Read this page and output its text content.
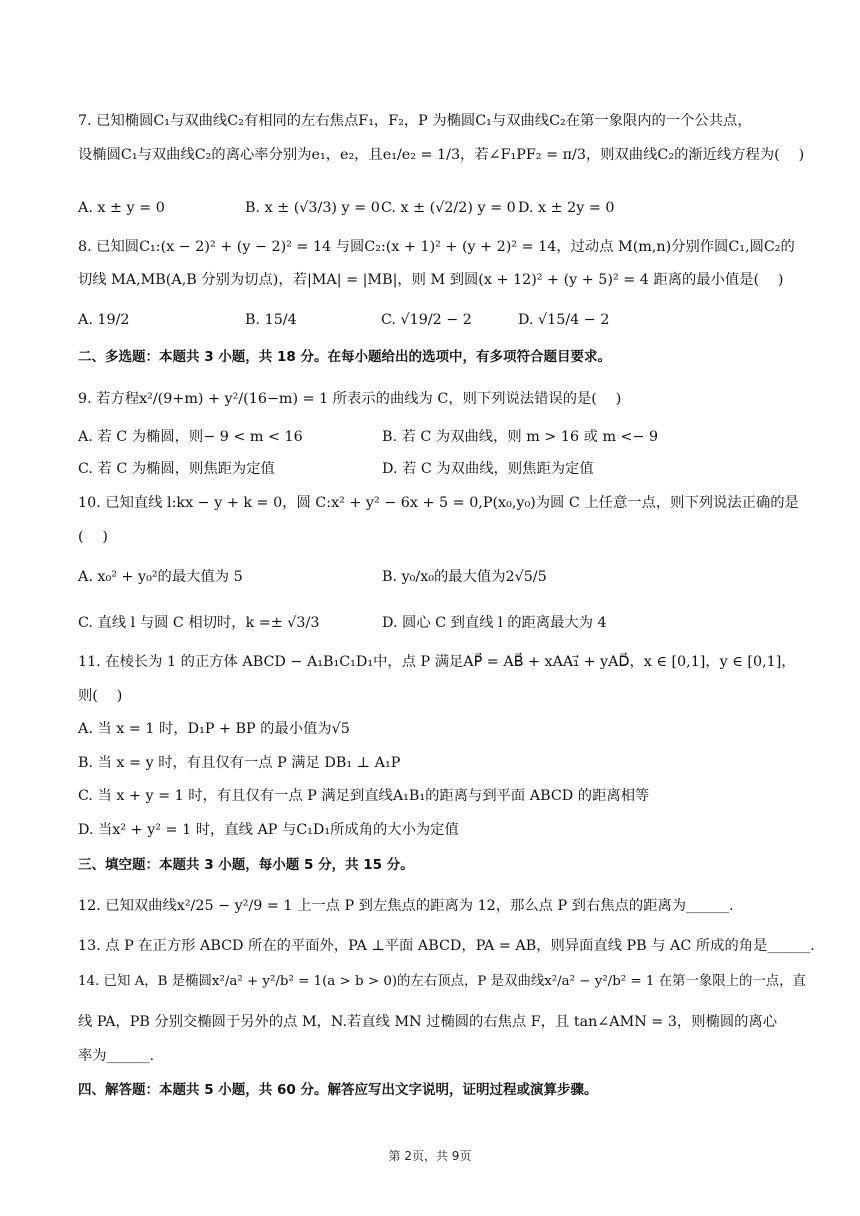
7. 已知椭圆C₁与双曲线C₂有相同的左右焦点F₁，F₂，P 为椭圆C₁与双曲线C₂在第一象限内的一个公共点，
设椭圆C₁与双曲线C₂的离心率分别为e₁，e₂，且e₁/e₂ = 1/3，若∠F₁PF₂ = π/3，则双曲线C₂的渐近线方程为(　 )
A. x ± y = 0	B. x ± (√3/3) y = 0 C. x ± (√2/2) y = 0 D. x ± 2y = 0
8. 已知圆C₁:(x − 2)² + (y − 2)² = 14 与圆C₂:(x + 1)² + (y + 2)² = 14，过动点 M(m,n)分别作圆C₁,圆C₂的
切线 MA,MB(A,B 分别为切点)，若|MA| = |MB|，则 M 到圆(x + 12)² + (y + 5)² = 4 距离的最小值是(　 )
A. 19/2	B. 15/4	C. √19/2 − 2	D. √15/4 − 2
二、多选题：本题共 3 小题，共 18 分。在每小题给出的选项中，有多项符合题目要求。
9. 若方程x²/(9+m) + y²/(16−m) = 1 所表示的曲线为 C，则下列说法错误的是(　 )
A. 若 C 为椭圆，则− 9 < m < 16	B. 若 C 为双曲线，则 m > 16 或 m <− 9
C. 若 C 为椭圆，则焦距为定值	D. 若 C 为双曲线，则焦距为定值
10. 已知直线 l:kx − y + k = 0，圆 C:x² + y² − 6x + 5 = 0,P(x₀,y₀)为圆 C 上任意一点，则下列说法正确的是
(　 )
A. x₀² + y₀²的最大值为 5	B. y₀/x₀的最大值为2√5/5
C. 直线 l 与圆 C 相切时，k =± √3/3	D. 圆心 C 到直线 l 的距离最大为 4
11. 在棱长为 1 的正方体 ABCD − A₁B₁C₁D₁中，点 P 满足AP⃗ = AB⃗ + xAA₁⃗ + yAD⃗，x ∈ [0,1]，y ∈ [0,1]，
则(　 )
A. 当 x = 1 时，D₁P + BP 的最小值为√5
B. 当 x = y 时，有且仅有一点 P 满足 DB₁ ⊥ A₁P
C. 当 x + y = 1 时，有且仅有一点 P 满足到直线A₁B₁的距离与到平面 ABCD 的距离相等
D. 当x² + y² = 1 时，直线 AP 与C₁D₁所成角的大小为定值
三、填空题：本题共 3 小题，每小题 5 分，共 15 分。
12. 已知双曲线x²/25 − y²/9 = 1 上一点 P 到左焦点的距离为 12，那么点 P 到右焦点的距离为______.
13. 点 P 在正方形 ABCD 所在的平面外，PA ⊥平面 ABCD，PA = AB，则异面直线 PB 与 AC 所成的角是______.
14. 已知 A，B 是椭圆x²/a² + y²/b² = 1(a > b > 0)的左右顶点，P 是双曲线x²/a² − y²/b² = 1 在第一象限上的一点，直
线 PA，PB 分别交椭圆于另外的点 M，N.若直线 MN 过椭圆的右焦点 F，且 tan∠AMN = 3，则椭圆的离心
率为______.
四、解答题：本题共 5 小题，共 60 分。解答应写出文字说明，证明过程或演算步骤。
第 2页，共 9页
